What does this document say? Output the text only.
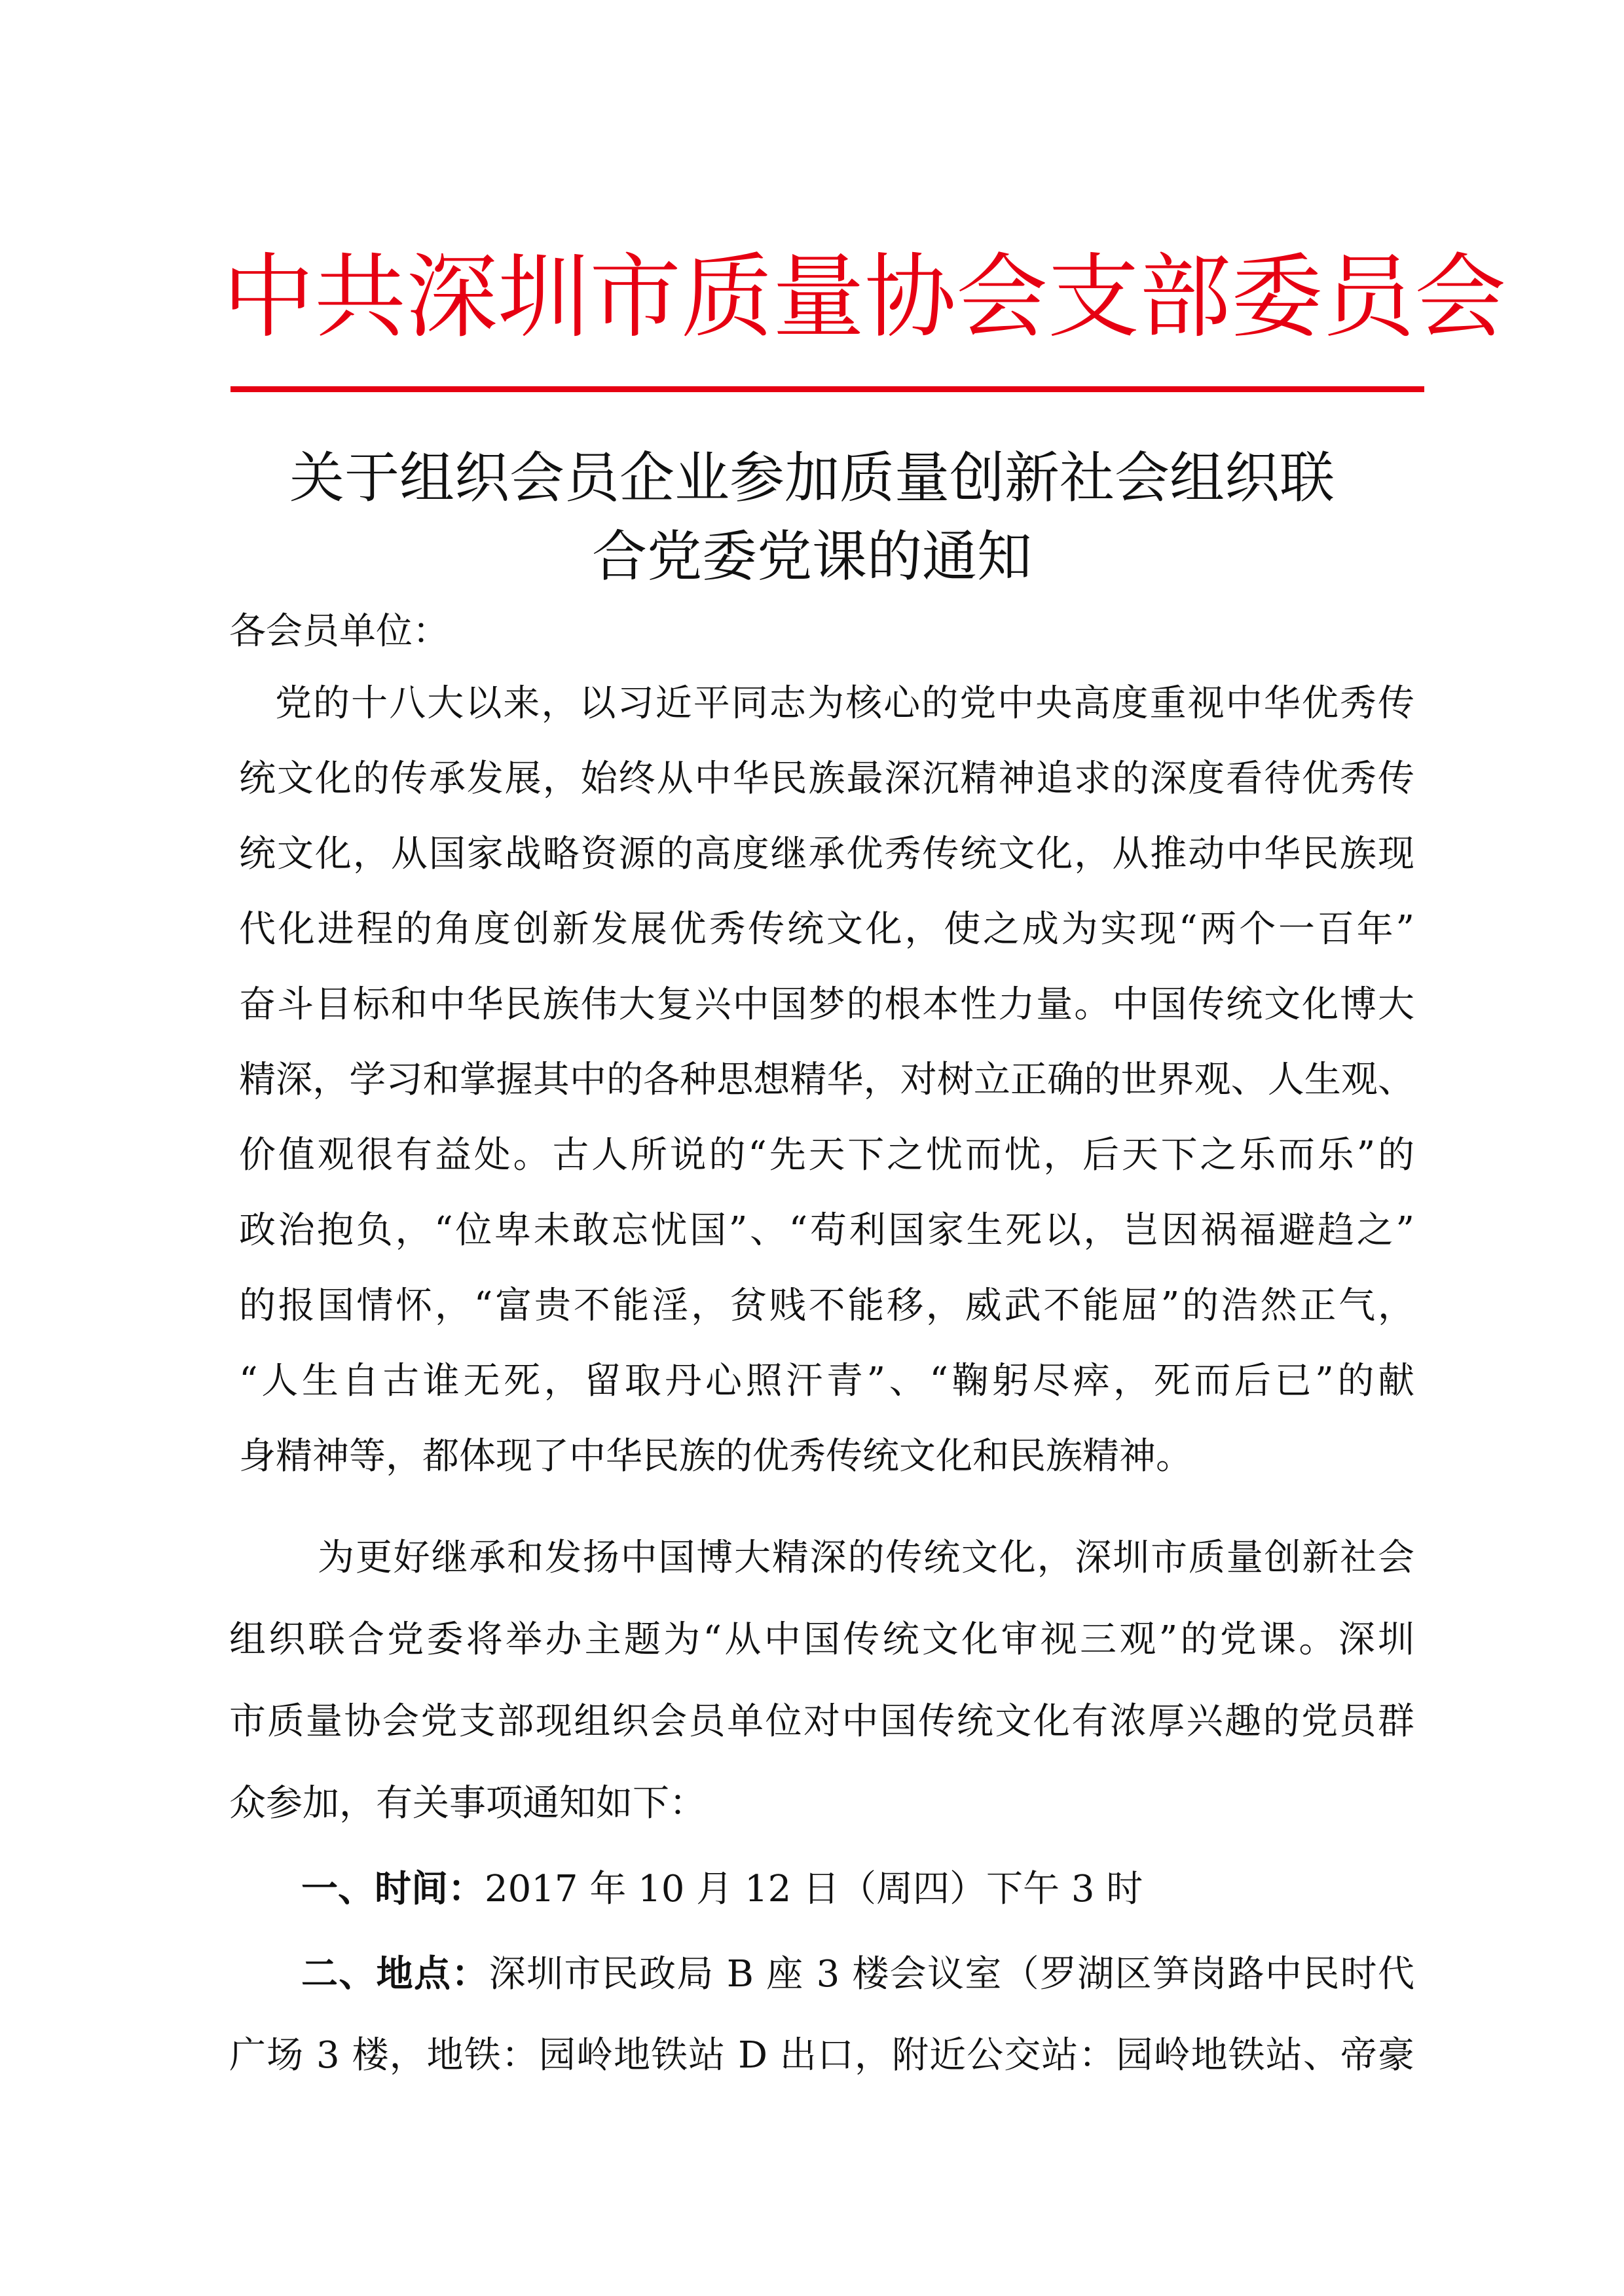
中共深圳市质量协会支部委员会
关于组织会员企业参加质量创新社会组织联
合党委党课的通知
各会员单位：
党的十八大以来，以习近平同志为核心的党中央高度重视中华优秀传
统文化的传承发展，始终从中华民族最深沉精神追求的深度看待优秀传
统文化，从国家战略资源的高度继承优秀传统文化，从推动中华民族现
代化进程的角度创新发展优秀传统文化，使之成为实现“两个一百年”
奋斗目标和中华民族伟大复兴中国梦的根本性力量。中国传统文化博大
精深，学习和掌握其中的各种思想精华，对树立正确的世界观、人生观、
价值观很有益处。古人所说的“先天下之忧而忧，后天下之乐而乐”的
政治抱负，“位卑未敢忘忧国”、“苟利国家生死以，岂因祸福避趋之”
的报国情怀，“富贵不能淫，贫贱不能移，威武不能屈”的浩然正气，
“人生自古谁无死，留取丹心照汗青”、“鞠躬尽瘁，死而后已”的献
身精神等，都体现了中华民族的优秀传统文化和民族精神。
为更好继承和发扬中国博大精深的传统文化，深圳市质量创新社会
组织联合党委将举办主题为“从中国传统文化审视三观”的党课。深圳
市质量协会党支部现组织会员单位对中国传统文化有浓厚兴趣的党员群
众参加，有关事项通知如下：
一、时间：2017 年 10 月 12 日（周四）下午 3 时
二、地点：深圳市民政局 B 座 3 楼会议室（罗湖区笋岗路中民时代
广场 3 楼，地铁：园岭地铁站 D 出口，附近公交站：园岭地铁站、帝豪
